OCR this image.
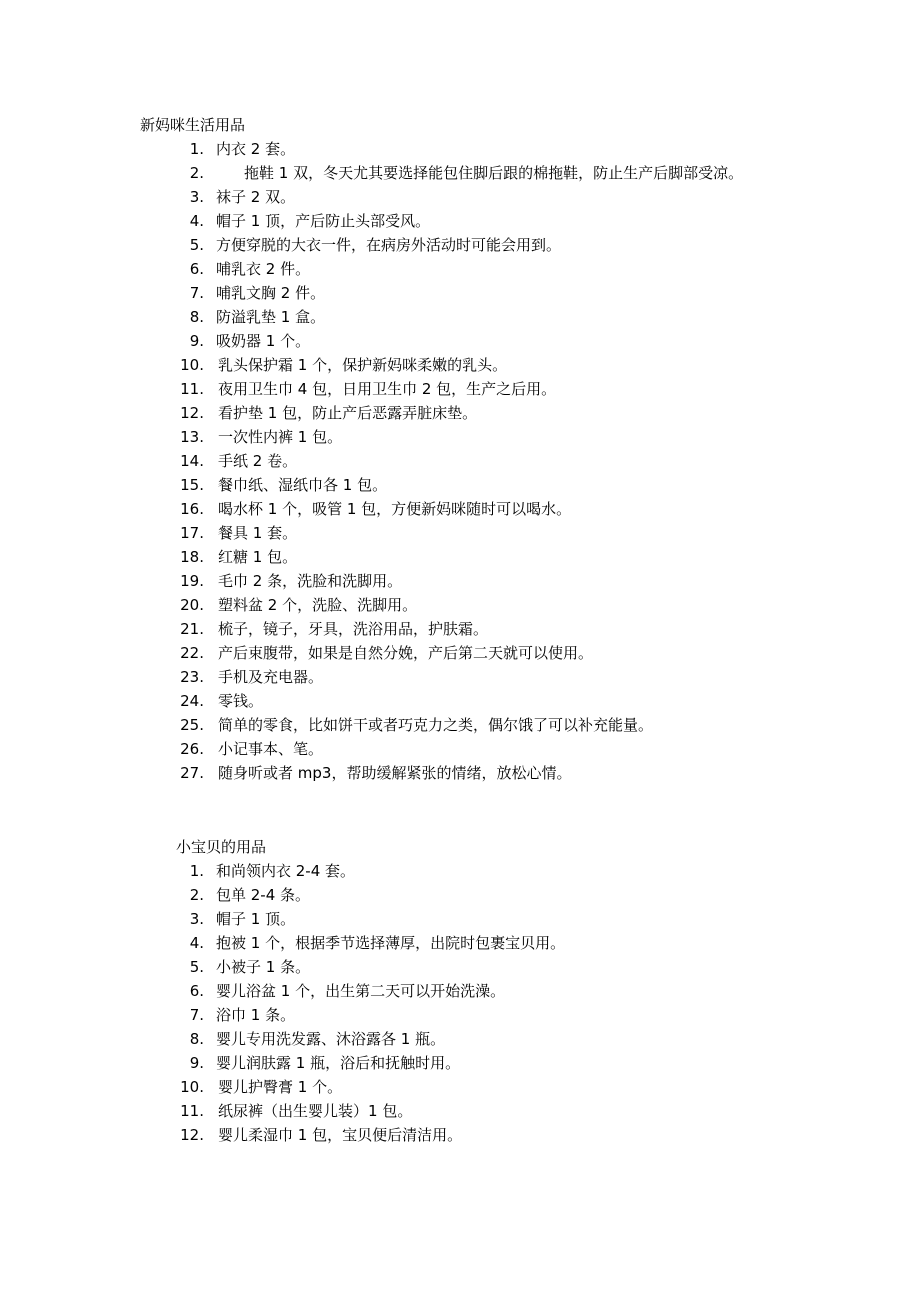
新妈咪生活用品
1. 内衣 2 套。
2.	拖鞋 1 双，冬天尤其要选择能包住脚后跟的棉拖鞋，防止生产后脚部受凉。
3. 袜子 2 双。
4. 帽子 1 顶，产后防止头部受风。
5. 方便穿脱的大衣一件，在病房外活动时可能会用到。
6. 哺乳衣 2 件。
7. 哺乳文胸 2 件。
8. 防溢乳垫 1 盒。
9. 吸奶器 1 个。
10. 乳头保护霜 1 个，保护新妈咪柔嫩的乳头。
11. 夜用卫生巾 4 包，日用卫生巾 2 包，生产之后用。
12. 看护垫 1 包，防止产后恶露弄脏床垫。
13. 一次性内裤 1 包。
14. 手纸 2 卷。
15. 餐巾纸、湿纸巾各 1 包。
16. 喝水杯 1 个，吸管 1 包，方便新妈咪随时可以喝水。
17. 餐具 1 套。
18. 红糖 1 包。
19. 毛巾 2 条，洗脸和洗脚用。
20. 塑料盆 2 个，洗脸、洗脚用。
21. 梳子，镜子，牙具，洗浴用品，护肤霜。
22. 产后束腹带，如果是自然分娩，产后第二天就可以使用。
23. 手机及充电器。
24. 零钱。
25. 简单的零食，比如饼干或者巧克力之类，偶尔饿了可以补充能量。
26. 小记事本、笔。
27. 随身听或者 mp3，帮助缓解紧张的情绪，放松心情。
小宝贝的用品
1. 和尚领内衣 2-4 套。
2. 包单 2-4 条。
3. 帽子 1 顶。
4. 抱被 1 个，根据季节选择薄厚，出院时包裹宝贝用。
5. 小被子 1 条。
6. 婴儿浴盆 1 个，出生第二天可以开始洗澡。
7. 浴巾 1 条。
8. 婴儿专用洗发露、沐浴露各 1 瓶。
9. 婴儿润肤露 1 瓶，浴后和抚触时用。
10. 婴儿护臀膏 1 个。
11. 纸尿裤（出生婴儿装）1 包。
12. 婴儿柔湿巾 1 包，宝贝便后清洁用。
